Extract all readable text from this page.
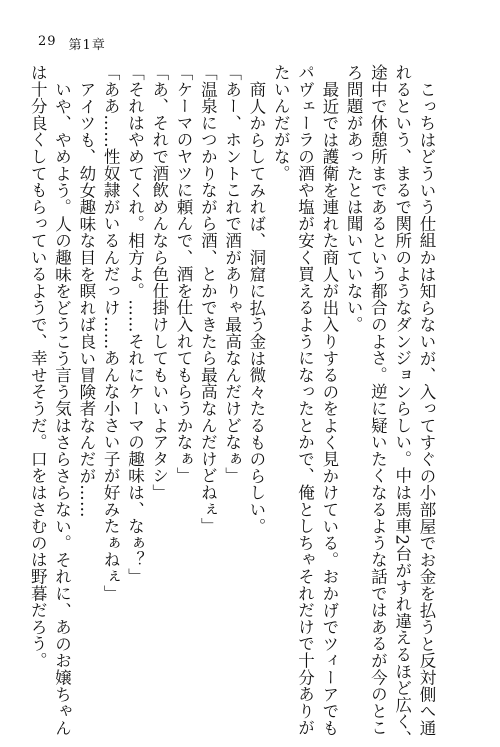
29 第1章
こっちはどういう仕組かは知らないが、入ってすぐの小部屋でお金を払うと反対側へ通
れるという、まるで関所のようなダンジョンらしい。中は馬車2台がすれ違えるほど広く、
途中で休憩所まであるという都合のよさ。逆に疑いたくなるような話ではあるが今のとこ
ろ問題があったとは聞いていない。
最近では護衛を連れた商人が出入りするのをよく見かけている。おかげでツィーアでも
パヴェーラの酒や塩が安く買えるようになったとかで、俺としちゃそれだけで十分ありが
たいんだがな。
商人からしてみれば、洞窟に払う金は微々たるものらしい。
「あー、ホントこれで酒がありゃ最高なんだけどなぁ」
「温泉につかりながら酒、とかできたら最高なんだけどねぇ」
「ケーマのヤツに頼んで、酒を仕入れてもらうかなぁ」
「あ、それで酒飲めんなら色仕掛けしてもいいよアタシ」
「それはやめてくれ。相方よ。……それにケーマの趣味は、なぁ？」
「ああ……性奴隷がいるんだっけ……あんな小さい子が好みたぁねぇ」
アイツも、幼女趣味な目を瞑れば良い冒険者なんだが……
いや、やめよう。人の趣味をどうこう言う気はさらさらない。それに、あのお嬢ちゃん
は十分良くしてもらっているようで、幸せそうだ。口をはさむのは野暮だろう。
